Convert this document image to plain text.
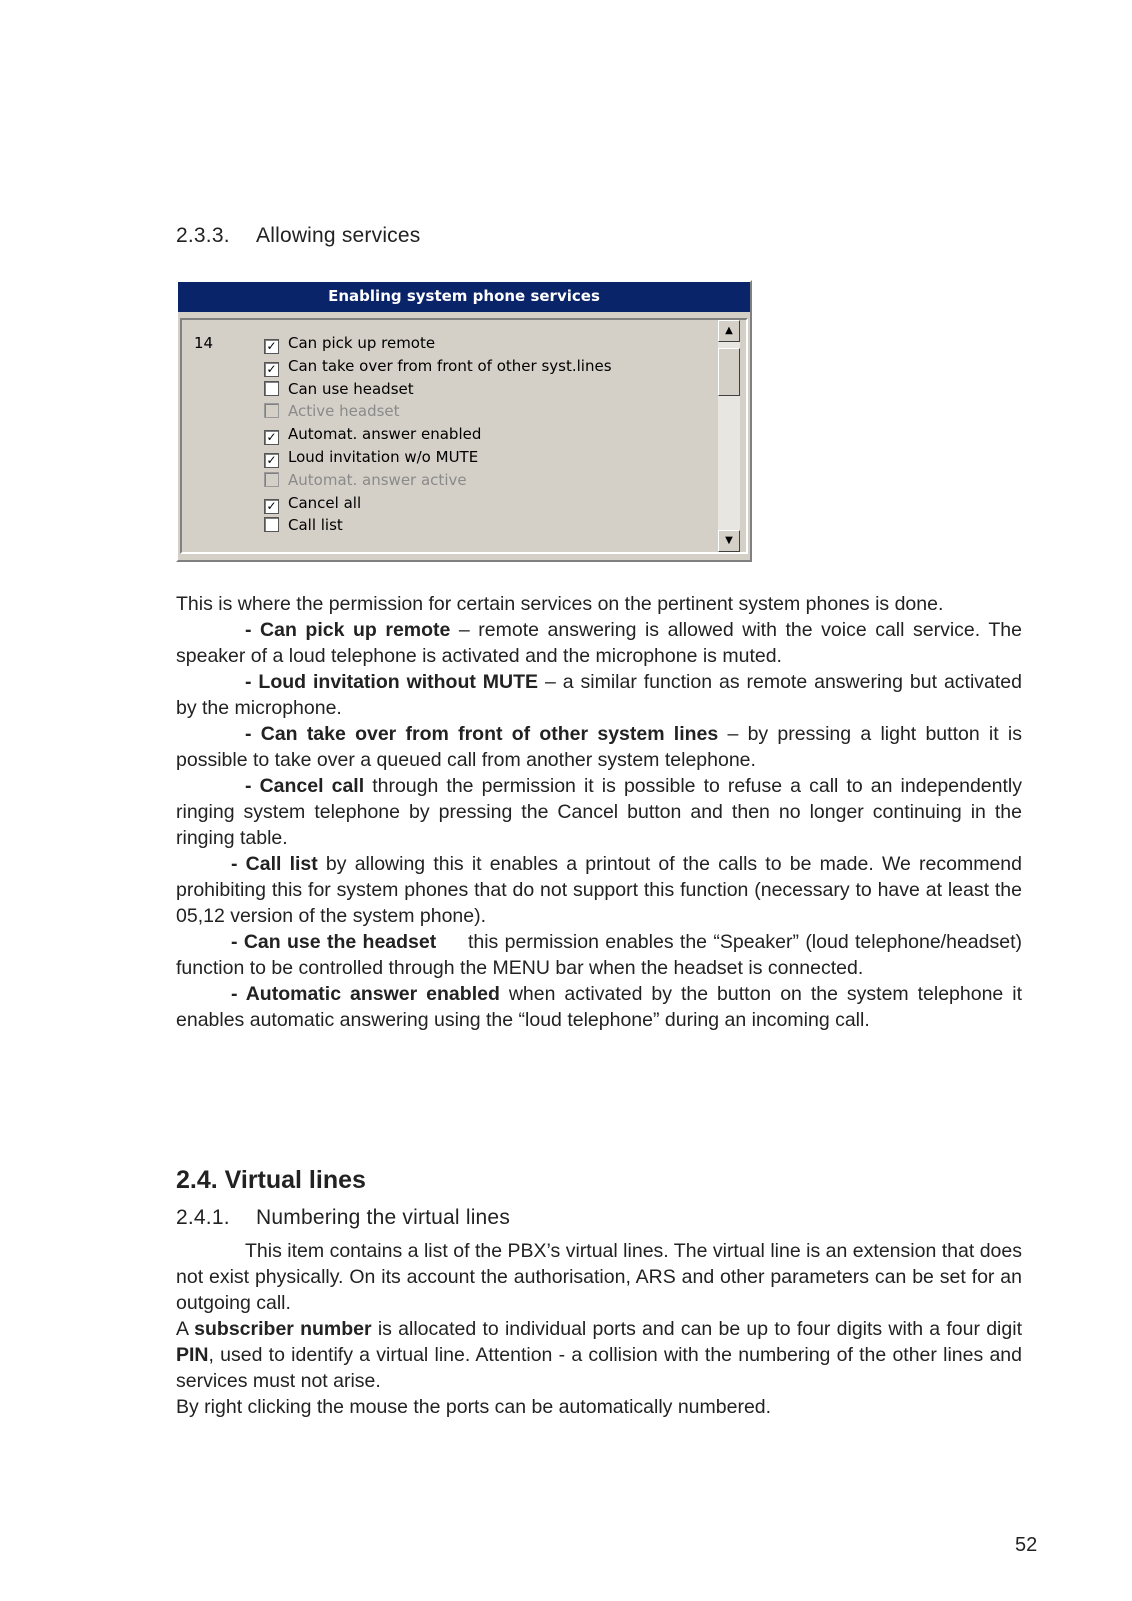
2.3.3. Allowing services
Enabling system phone services
14	✓ Can pick up remote
✓ Can take over from front of other syst.lines
Can use headset
Active headset
✓ Automat. answer enabled
✓ Loud invitation w/o MUTE
Automat. answer active
✓ Cancel all
Call list
▲
▼

This is where the permission for certain services on the pertinent system phones is done.

- Can pick up remote – remote answering is allowed with the voice call service. The speaker of a loud telephone is activated and the microphone is muted.

- Loud invitation without MUTE – a similar function as remote answering but activated by the microphone.

- Can take over from front of other system lines – by pressing a light button it is possible to take over a queued call from another system telephone.

- Cancel call through the permission it is possible to refuse a call to an independently ringing system telephone by pressing the Cancel button and then no longer continuing in the ringing table.

- Call list by allowing this it enables a printout of the calls to be made. We recommend prohibiting this for system phones that do not support this function (necessary to have at least the 05,12 version of the system phone).

- Can use the headset     this permission enables the “Speaker” (loud telephone/headset) function to be controlled through the MENU bar when the headset is connected.

- Automatic answer enabled when activated by the button on the system telephone it enables automatic answering using the “loud telephone” during an incoming call.

2.4. Virtual lines
2.4.1. Numbering the virtual lines

This item contains a list of the PBX’s virtual lines. The virtual line is an extension that does not exist physically. On its account the authorisation, ARS and other parameters can be set for an outgoing call.

A subscriber number is allocated to individual ports and can be up to four digits with a four digit PIN, used to identify a virtual line. Attention - a collision with the numbering of the other lines and services must not arise.

By right clicking the mouse the ports can be automatically numbered.

52
